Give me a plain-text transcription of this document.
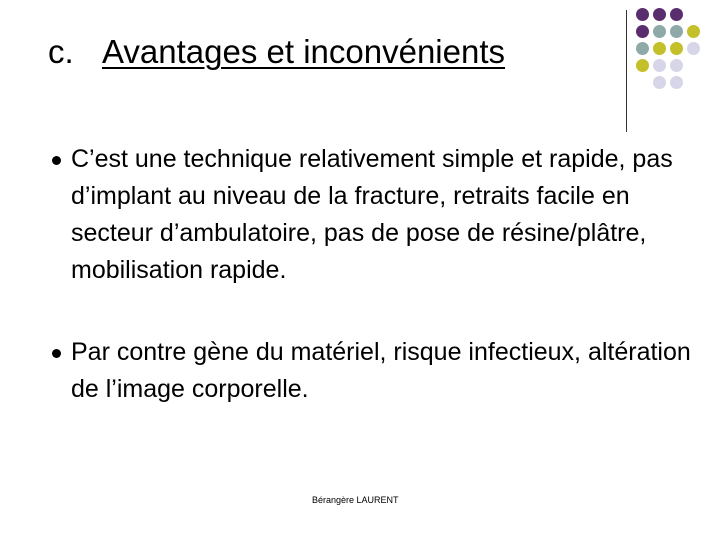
c. Avantages et inconvénients
C’est une technique relativement simple et rapide, pas d’implant au niveau de la fracture, retraits facile en secteur d’ambulatoire, pas de pose de résine/plâtre, mobilisation rapide.
Par contre gène du matériel, risque infectieux, altération de l’image corporelle.
Bérangère LAURENT
